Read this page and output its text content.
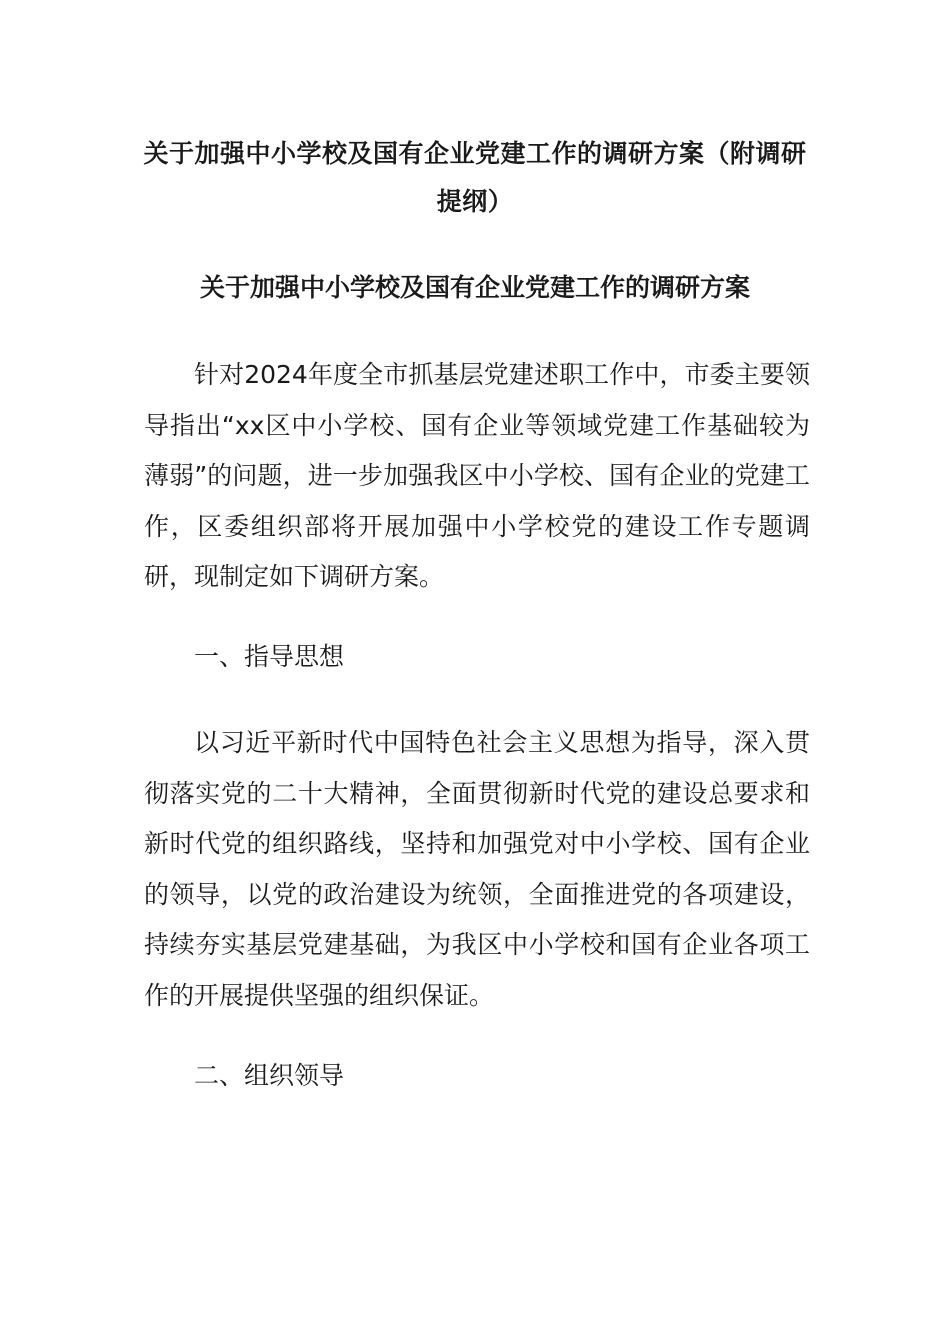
关于加强中小学校及国有企业党建工作的调研方案（附调研提纲）
关于加强中小学校及国有企业党建工作的调研方案

针对2024年度全市抓基层党建述职工作中，市委主要领导指出“xx区中小学校、国有企业等领域党建工作基础较为薄弱”的问题，进一步加强我区中小学校、国有企业的党建工作，区委组织部将开展加强中小学校党的建设工作专题调研，现制定如下调研方案。

一、指导思想

以习近平新时代中国特色社会主义思想为指导，深入贯彻落实党的二十大精神，全面贯彻新时代党的建设总要求和新时代党的组织路线，坚持和加强党对中小学校、国有企业的领导，以党的政治建设为统领，全面推进党的各项建设，持续夯实基层党建基础，为我区中小学校和国有企业各项工作的开展提供坚强的组织保证。

二、组织领导
